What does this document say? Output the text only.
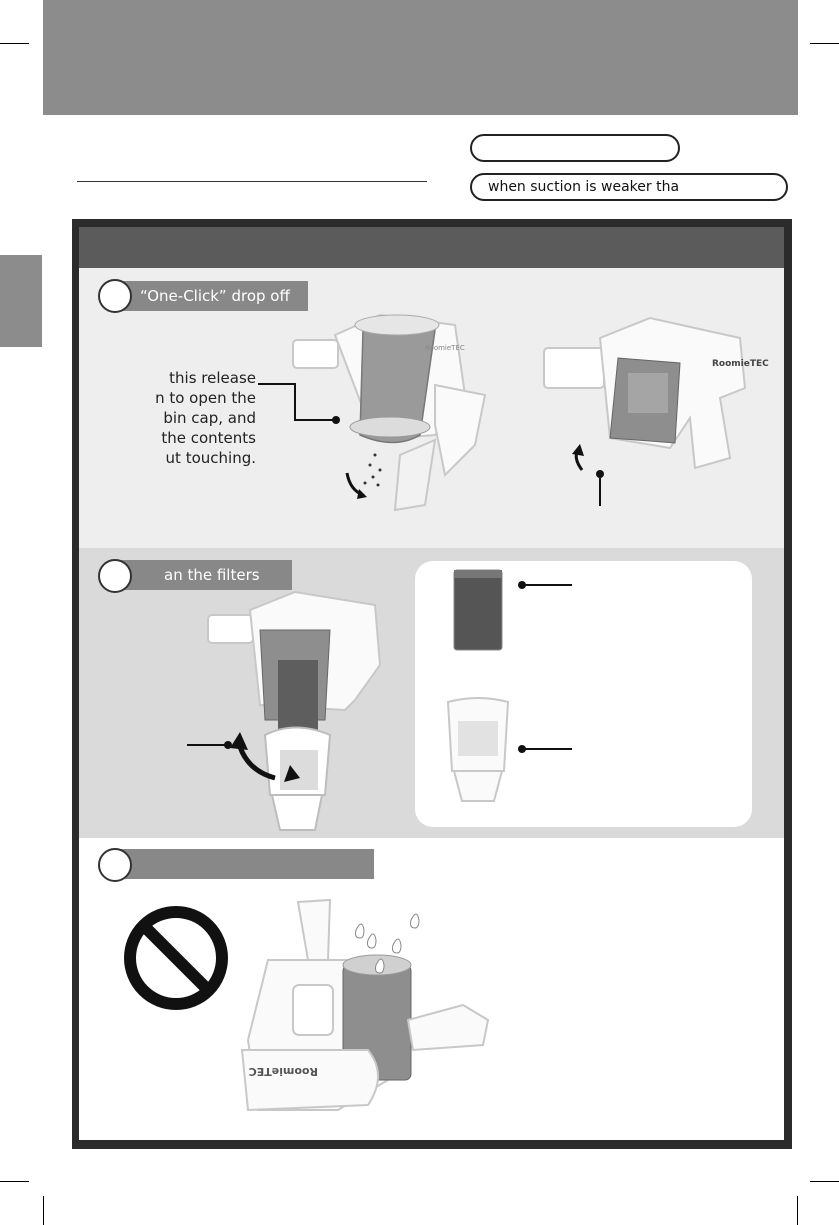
when suction is weaker tha
“One-Click” drop off
this release
n to open the
bin cap, and
the contents
ut touching.
RoomieTEC
RoomieTEC
an the filters
RoomieTEC
